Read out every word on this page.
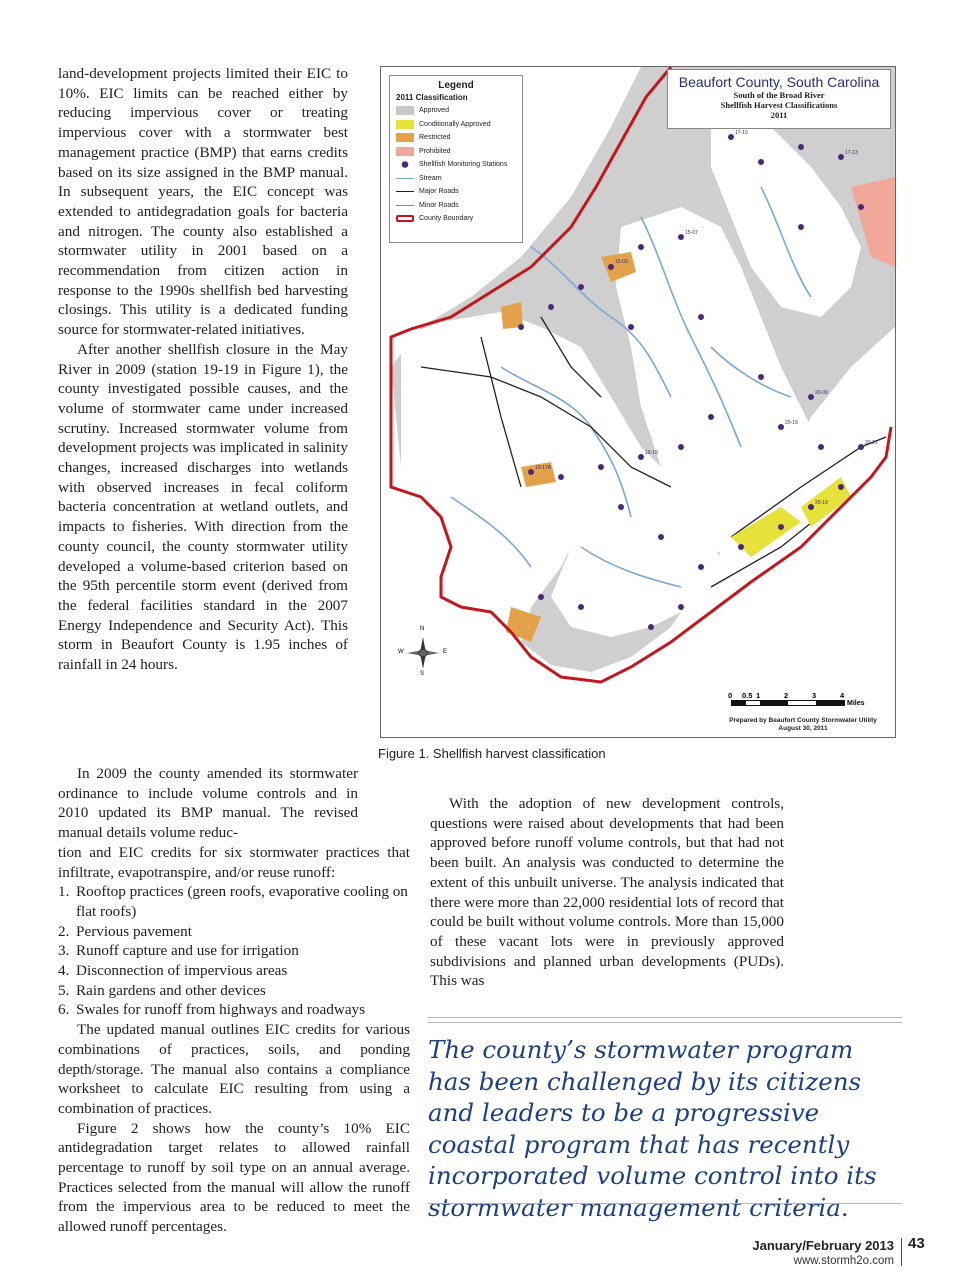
land-development projects limited their EIC to 10%. EIC limits can be reached either by reducing impervious cover or treating impervious cover with a stormwater best management practice (BMP) that earns credits based on its size assigned in the BMP manual. In subsequent years, the EIC concept was extended to antidegradation goals for bacteria and nitrogen. The county also established a stormwater utility in 2001 based on a recommendation from citizen action in response to the 1990s shellfish bed harvesting closings. This utility is a dedicated funding source for stormwater-related initiatives.

After another shellfish closure in the May River in 2009 (station 19-19 in Figure 1), the county investigated possible causes, and the volume of stormwater came under increased scrutiny. Increased stormwater volume from development projects was implicated in salinity changes, increased discharges into wetlands with observed increases in fecal coliform bacteria concentration at wetland outlets, and impacts to fisheries. With direction from the county council, the county stormwater utility developed a volume-based criterion based on the 95th percentile storm event (derived from the federal facilities standard in the 2007 Energy Independence and Security Act). This storm in Beaufort County is 1.95 inches of rainfall in 24 hours.

17-10
17-13
15-03
19-19
19-17A
20-19
20-09
20-15
20-21
15-07
Beaufort County, South Carolina
South of the Broad River
Shellfish Harvest Classifications
2011
Legend
2011 Classification
Approved
Conditionally Approved
Restricted
Prohibited
Shellfish Monitoring Stations
Stream
Major Roads
Minor Roads
County Boundary
N
S
W	E
0 0.5 1	2	3	4
Miles
Prepared by Beaufort County Stormwater Utility
August 30, 2011
Figure 1. Shellfish harvest classification

In 2009 the county amended its stormwater ordinance to include volume controls and in 2010 updated its BMP manual. The revised manual details volume reduc-

tion and EIC credits for six stormwater practices that infiltrate, evapotranspire, and/or reuse runoff:

1. Rooftop practices (green roofs, evaporative cooling on flat roofs)
2. Pervious pavement
3. Runoff capture and use for irrigation
4. Disconnection of impervious areas
5. Rain gardens and other devices
6. Swales for runoff from highways and roadways

The updated manual outlines EIC credits for various combinations of practices, soils, and ponding depth/storage. The manual also contains a compliance worksheet to calculate EIC resulting from using a combination of practices.

Figure 2 shows how the county’s 10% EIC antidegradation target relates to allowed rainfall percentage to runoff by soil type on an annual average. Practices selected from the manual will allow the runoff from the impervious area to be reduced to meet the allowed runoff percentages.

With the adoption of new development controls, questions were raised about developments that had been approved before runoff volume controls, but that had not been built. An analysis was conducted to determine the extent of this unbuilt universe. The analysis indicated that there were more than 22,000 residential lots of record that could be built without volume controls. More than 15,000 of these vacant lots were in previously approved subdivisions and planned urban developments (PUDs). This was

The county’s stormwater program has been challenged by its citizens and leaders to be a progressive coastal program that has recently incorporated volume control into its stormwater management criteria.
January/February 2013 43
www.stormh2o.com
